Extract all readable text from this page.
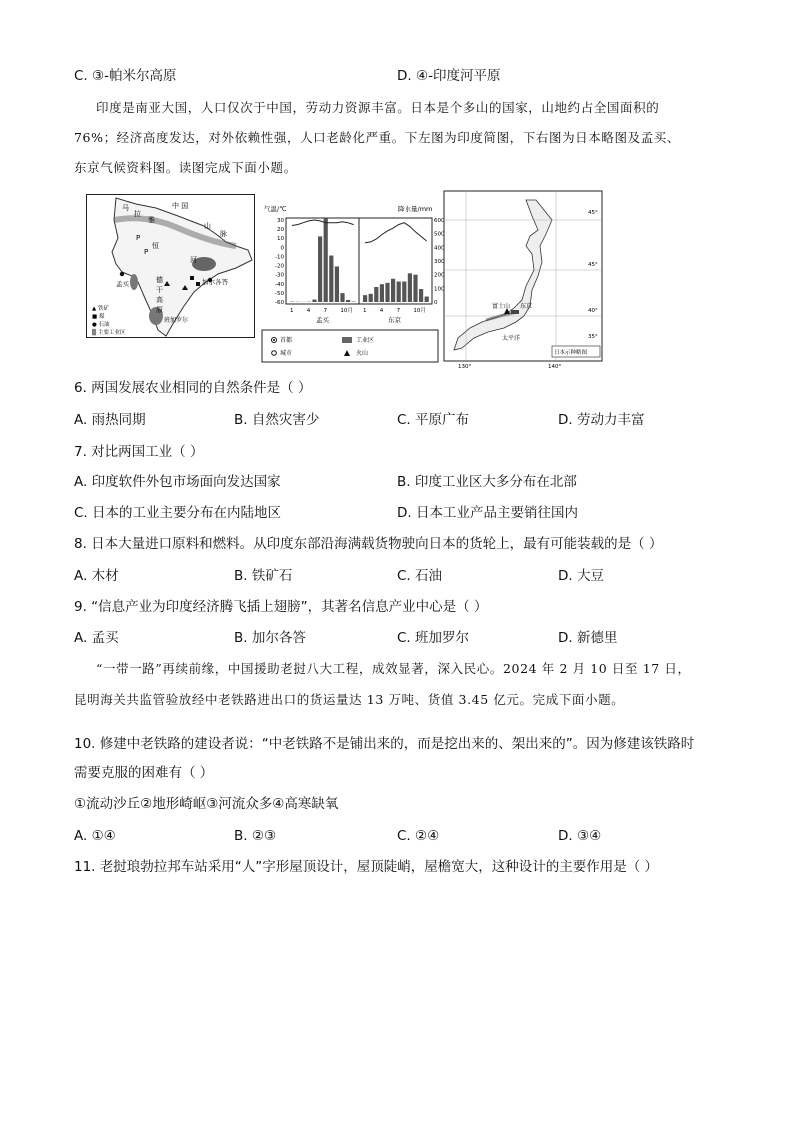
C. ③-帕米尔高原	D. ④-印度河平原
印度是南亚大国，人口仅次于中国，劳动力资源丰富。日本是个多山的国家，山地约占全国面积的
76%；经济高度发达，对外依赖性强，人口老龄化严重。下左图为印度简图，下右图为日本略图及孟买、
东京气候资料图。读图完成下面小题。
中 国
马
拉
雅
山
脉
恒
河
孟买	加尔各答
班加罗尔
德
干
高
原
P
P
▲ 铁矿
■ 煤
● 石油
▒ 主要工业区
气温/℃	降水量/mm
30
20
10
0
-10
-20
-30
-40
-50
-60
600
500
400
300
200
100
0
1 4 7 10月 1 4 7 10月
孟买	东京
首都
城市
工业区
火山
45°
45°
40°
35°
富士山 东京
太平洋
130°	140°
日本示种略图
6. 两国发展农业相同的自然条件是（ ）
A. 雨热同期	B. 自然灾害少	C. 平原广布	D. 劳动力丰富
7. 对比两国工业（ ）
A. 印度软件外包市场面向发达国家	B. 印度工业区大多分布在北部
C. 日本的工业主要分布在内陆地区	D. 日本工业产品主要销往国内
8. 日本大量进口原料和燃料。从印度东部沿海满载货物驶向日本的货轮上，最有可能装载的是（ ）
A. 木材	B. 铁矿石	C. 石油	D. 大豆
9. “信息产业为印度经济腾飞插上翅膀”，其著名信息产业中心是（ ）
A. 孟买	B. 加尔各答	C. 班加罗尔	D. 新德里
“一带一路”再续前缘，中国援助老挝八大工程，成效显著，深入民心。2024 年 2 月 10 日至 17 日，
昆明海关共监管验放经中老铁路进出口的货运量达 13 万吨、货值 3.45 亿元。完成下面小题。
10. 修建中老铁路的建设者说：“中老铁路不是铺出来的，而是挖出来的、架出来的”。因为修建该铁路时
需要克服的困难有（ ）
①流动沙丘②地形崎岖③河流众多④高寒缺氧
A. ①④	B. ②③	C. ②④	D. ③④
11. 老挝琅勃拉邦车站采用“人”字形屋顶设计，屋顶陡峭，屋檐宽大，这种设计的主要作用是（ ）
